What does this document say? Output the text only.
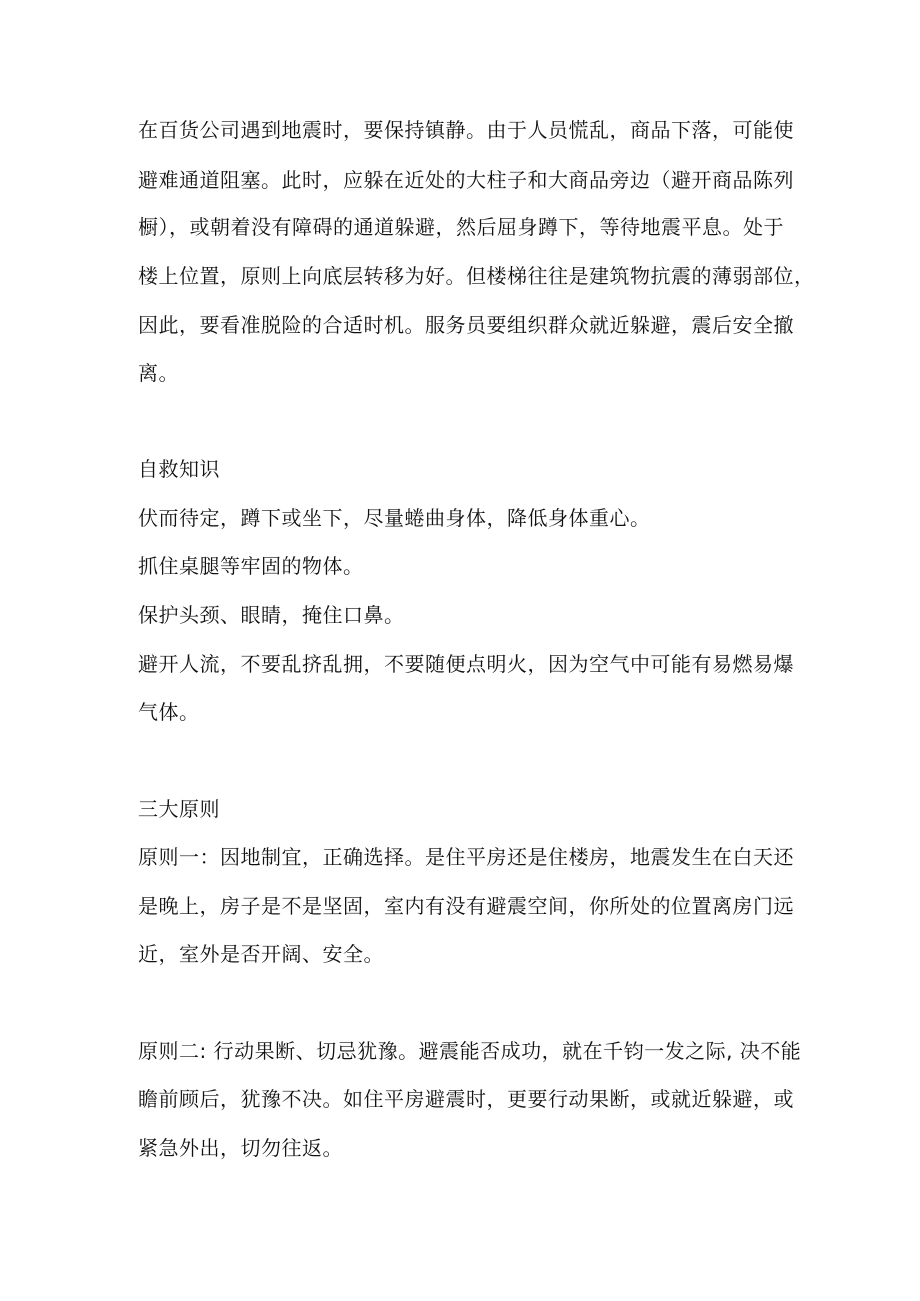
在百货公司遇到地震时，要保持镇静。由于人员慌乱，商品下落，可能使
避难通道阻塞。此时，应躲在近处的大柱子和大商品旁边（避开商品陈列
橱），或朝着没有障碍的通道躲避，然后屈身蹲下，等待地震平息。处于
楼上位置，原则上向底层转移为好。但楼梯往往是建筑物抗震的薄弱部位，
因此，要看准脱险的合适时机。服务员要组织群众就近躲避，震后安全撤
离。
自救知识
伏而待定，蹲下或坐下，尽量蜷曲身体，降低身体重心。
抓住桌腿等牢固的物体。
保护头颈、眼睛，掩住口鼻。
避开人流，不要乱挤乱拥，不要随便点明火，因为空气中可能有易燃易爆
气体。
三大原则
原则一：因地制宜，正确选择。是住平房还是住楼房，地震发生在白天还
是晚上，房子是不是坚固，室内有没有避震空间，你所处的位置离房门远
近，室外是否开阔、安全。
原则二: 行动果断、切忌犹豫。避震能否成功，就在千钧一发之际, 决不能
瞻前顾后，犹豫不决。如住平房避震时，更要行动果断，或就近躲避，或
紧急外出，切勿往返。
